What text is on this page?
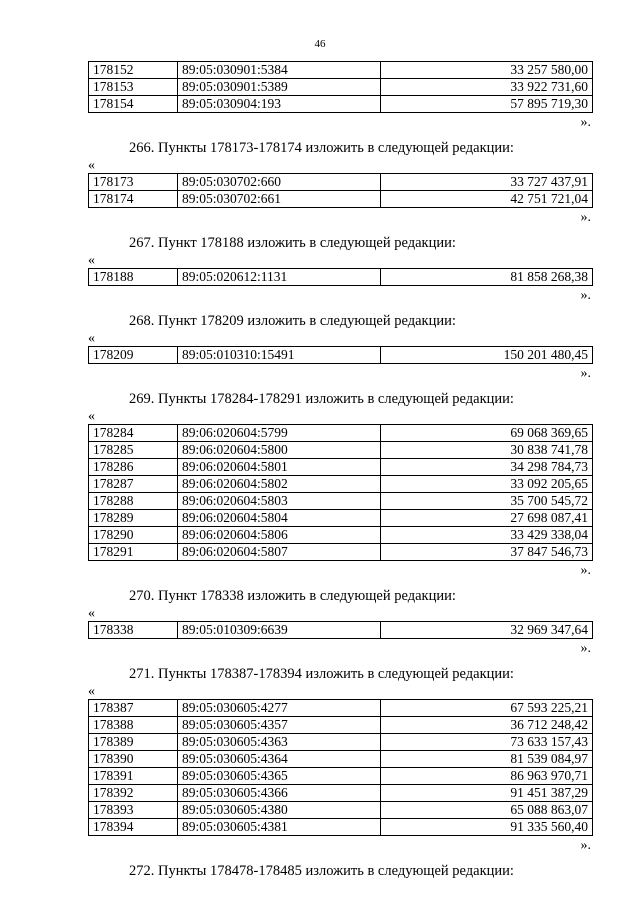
46
178152	89:05:030901:5384	33 257 580,00
178153	89:05:030901:5389	33 922 731,60
178154	89:05:030904:193	57 895 719,30
».
266. Пункты 178173-178174 изложить в следующей редакции:
«
178173	89:05:030702:660	33 727 437,91
178174	89:05:030702:661	42 751 721,04
».
267. Пункт 178188 изложить в следующей редакции:
«
178188	89:05:020612:1131	81 858 268,38
».
268. Пункт 178209 изложить в следующей редакции:
«
178209	89:05:010310:15491	150 201 480,45
».
269. Пункты 178284-178291 изложить в следующей редакции:
«
178284	89:06:020604:5799	69 068 369,65
178285	89:06:020604:5800	30 838 741,78
178286	89:06:020604:5801	34 298 784,73
178287	89:06:020604:5802	33 092 205,65
178288	89:06:020604:5803	35 700 545,72
178289	89:06:020604:5804	27 698 087,41
178290	89:06:020604:5806	33 429 338,04
178291	89:06:020604:5807	37 847 546,73
».
270. Пункт 178338 изложить в следующей редакции:
«
178338	89:05:010309:6639	32 969 347,64
».
271. Пункты 178387-178394 изложить в следующей редакции:
«
178387	89:05:030605:4277	67 593 225,21
178388	89:05:030605:4357	36 712 248,42
178389	89:05:030605:4363	73 633 157,43
178390	89:05:030605:4364	81 539 084,97
178391	89:05:030605:4365	86 963 970,71
178392	89:05:030605:4366	91 451 387,29
178393	89:05:030605:4380	65 088 863,07
178394	89:05:030605:4381	91 335 560,40
».
272. Пункты 178478-178485 изложить в следующей редакции:
